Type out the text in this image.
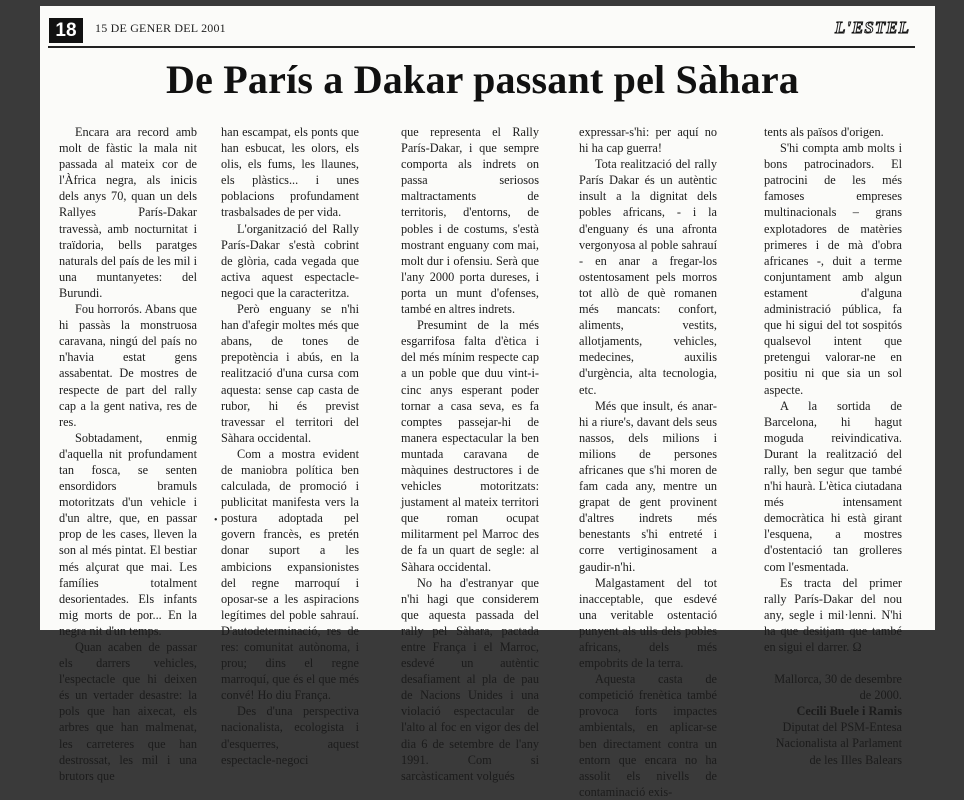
18	15 DE GENER DEL 2001	L'ESTEL
De París a Dakar passant pel Sàhara

Encara ara record amb molt de fàstic la mala nit passada al mateix cor de l'Àfrica negra, als inicis dels anys 70, quan un dels Rallyes París-Dakar travessà, amb nocturnitat i traïdoria, bells paratges naturals del país de les mil i una muntanyetes: del Burundi.

Fou horrorós. Abans que hi passàs la monstruosa caravana, ningú del país no n'havia estat gens assabentat. De mostres de respecte de part del rally cap a la gent nativa, res de res.

Sobtadament, enmig d'aquella nit profundament tan fosca, se senten ensordidors bramuls motoritzats d'un vehicle i d'un altre, que, en passar prop de les cases, lleven la son al més pintat. El bestiar més alçurat que mai. Les famílies totalment desorientades. Els infants mig morts de por... En la negra nit d'un temps.

Quan acaben de passar els darrers vehicles, l'espectacle que hi deixen és un vertader desastre: la pols que han aixecat, els arbres que han malmenat, les carreteres que han destrossat, les mil i una brutors que

•

han escampat, els ponts que han esbucat, les olors, els olis, els fums, les llaunes, els plàstics... i unes poblacions profundament trasbalsades de per vida.

L'organització del Rally París-Dakar s'està cobrint de glòria, cada vegada que activa aquest espectacle-negoci que la caracteritza.

Però enguany se n'hi han d'afegir moltes més que abans, de tones de prepotència i abús, en la realització d'una cursa com aquesta: sense cap casta de rubor, hi és previst travessar el territori del Sàhara occidental.

Com a mostra evident de maniobra política ben calculada, de promoció i publicitat manifesta vers la postura adoptada pel govern francès, es pretén donar suport a les ambicions expansionistes del regne marroquí i oposar-se a les aspiracions legítimes del poble sahrauí. D'autodeterminació, res de res: comunitat autònoma, i prou; dins el regne marroquí, que és el que més convé! Ho diu França.

Des d'una perspectiva nacionalista, ecologista i d'esquerres, aquest espectacle-negoci

que representa el Rally París-Dakar, i que sempre comporta als indrets on passa seriosos maltractaments de territoris, d'entorns, de pobles i de costums, s'està mostrant enguany com mai, molt dur i ofensiu. Serà que l'any 2000 porta dureses, i porta un munt d'ofenses, també en altres indrets.

Presumint de la més esgarrifosa falta d'ètica i del més mínim respecte cap a un poble que duu vint-i-cinc anys esperant poder tornar a casa seva, es fa comptes passejar-hi de manera espectacular la ben muntada caravana de màquines destructores i de vehicles motoritzats: justament al mateix territori que roman ocupat militarment pel Marroc des de fa un quart de segle: al Sàhara occidental.

No ha d'estranyar que n'hi hagi que considerem que aquesta passada del rally pel Sàhara, pactada entre França i el Marroc, esdevé un autèntic desafiament al pla de pau de Nacions Unides i una violació espectacular de l'alto al foc en vigor des del dia 6 de setembre de l'any 1991. Com si sarcàsticament volgués

expressar-s'hi: per aquí no hi ha cap guerra!

Tota realització del rally París Dakar és un autèntic insult a la dignitat dels pobles africans, - i la d'enguany és una afronta vergonyosa al poble sahrauí - en anar a fregar-los ostentosament pels morros tot allò de què romanen més mancats: confort, aliments, vestits, allotjaments, vehicles, medecines, auxilis d'urgència, alta tecnologia, etc.

Més que insult, és anar-hi a riure's, davant dels seus nassos, dels milions i milions de persones africanes que s'hi moren de fam cada any, mentre un grapat de gent provinent d'altres indrets més benestants s'hi entreté i corre vertiginosament a gaudir-n'hi.

Malgastament del tot inacceptable, que esdevé una veritable ostentació punyent als ulls dels pobles africans, dels més empobrits de la terra.

Aquesta casta de competició frenètica també provoca forts impactes ambientals, en aplicar-se ben directament contra un entorn que encara no ha assolit els nivells de contaminació exis-

tents als països d'origen.

S'hi compta amb molts i bons patrocinadors. El patrocini de les més famoses empreses multinacionals – grans explotadores de matèries primeres i de mà d'obra africanes -, duit a terme conjuntament amb algun estament d'alguna administració pública, fa que hi sigui del tot sospitós qualsevol intent que pretengui valorar-ne en positiu ni que sia un sol aspecte.

A la sortida de Barcelona, hi hagut moguda reivindicativa. Durant la realització del rally, ben segur que també n'hi haurà. L'ètica ciutadana més intensament democràtica hi està girant l'esquena, a mostres d'ostentació tan grolleres com l'esmentada.

Es tracta del primer rally París-Dakar del nou any, segle i mil·lenni. N'hi ha que desitjam que també en sigui el darrer. Ω

Mallorca, 30 de desembre de 2000.

Cecili Buele i Ramis

Diputat del PSM-Entesa Nacionalista al Parlament de les Illes Balears
